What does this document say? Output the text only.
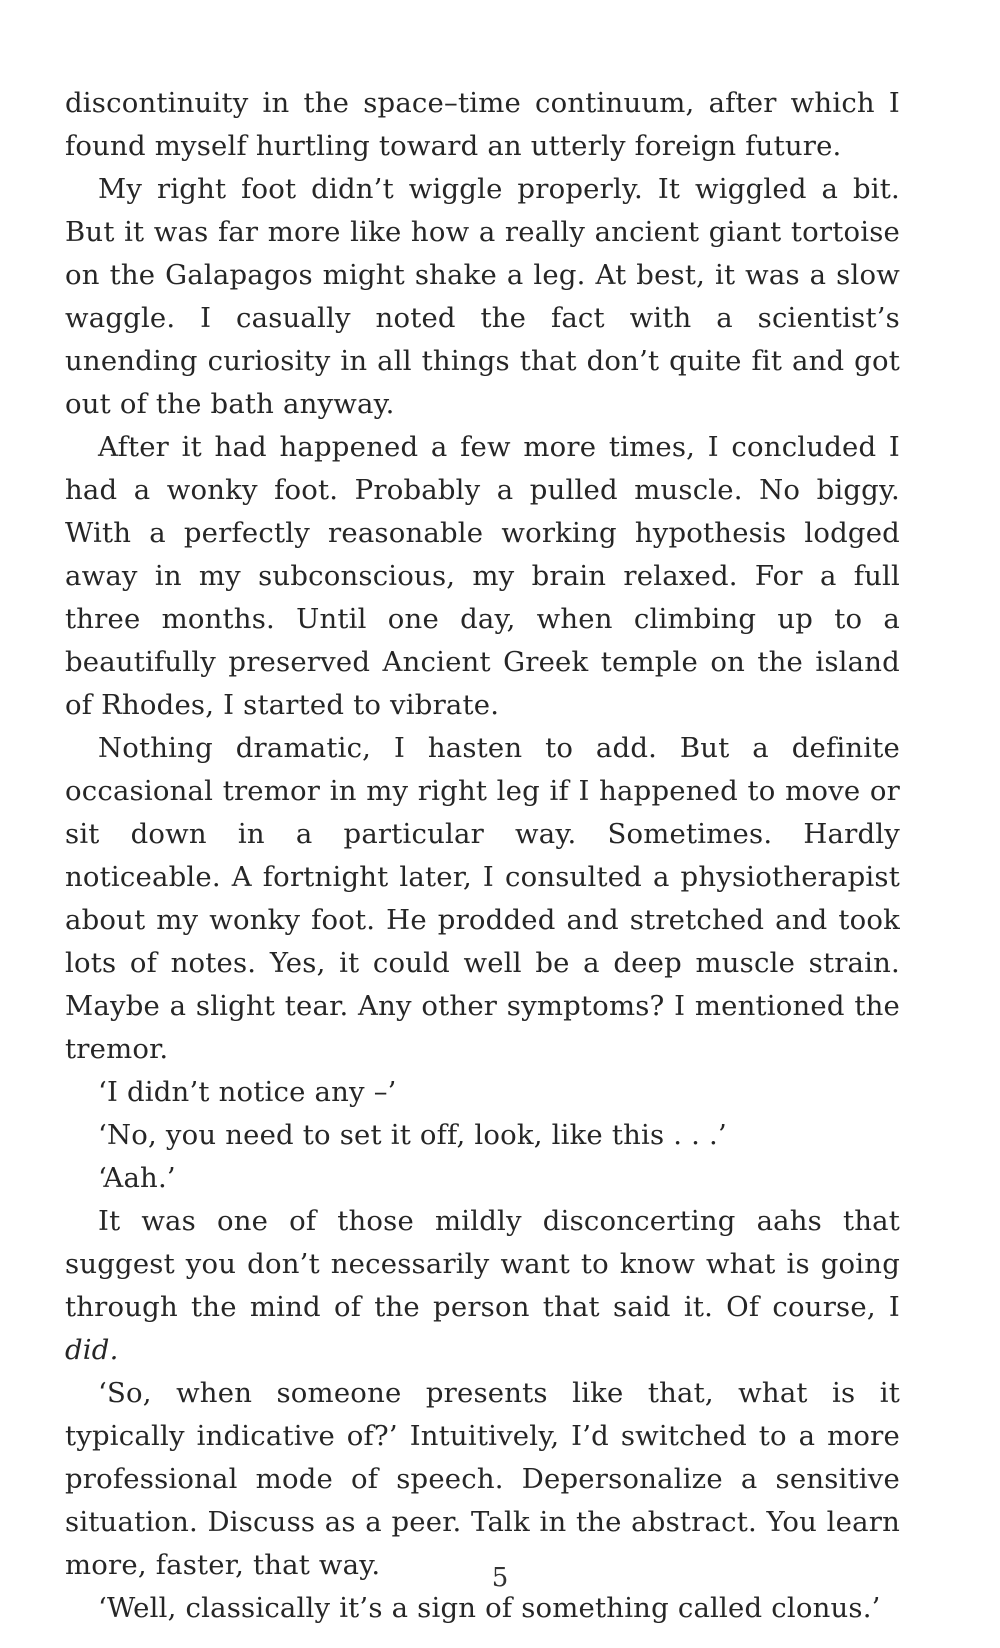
discontinuity in the space–time continuum, after which I found myself hurtling toward an utterly foreign future.

My right foot didn’t wiggle properly. It wiggled a bit. But it was far more like how a really ancient giant tortoise on the Galapagos might shake a leg. At best, it was a slow waggle. I casually noted the fact with a scientist’s unending curiosity in all things that don’t quite fit and got out of the bath anyway.

After it had happened a few more times, I concluded I had a wonky foot. Probably a pulled muscle. No biggy. With a perfectly reasonable working hypothesis lodged away in my subconscious, my brain relaxed. For a full three months. Until one day, when climbing up to a beautifully preserved Ancient Greek temple on the island of Rhodes, I started to vibrate.

Nothing dramatic, I hasten to add. But a definite occasional tremor in my right leg if I happened to move or sit down in a particular way. Sometimes. Hardly noticeable. A fortnight later, I consulted a physiotherapist about my wonky foot. He prodded and stretched and took lots of notes. Yes, it could well be a deep muscle strain. Maybe a slight tear. Any other symptoms? I mentioned the tremor.

‘I didn’t notice any –’

‘No, you need to set it off, look, like this . . .’

‘Aah.’

It was one of those mildly disconcerting aahs that suggest you don’t necessarily want to know what is going through the mind of the person that said it. Of course, I did.

‘So, when someone presents like that, what is it typically indicative of?’ Intuitively, I’d switched to a more professional mode of speech. Depersonalize a sensitive situation. Discuss as a peer. Talk in the abstract. You learn more, faster, that way.

‘Well, classically it’s a sign of something called clonus.’

5
